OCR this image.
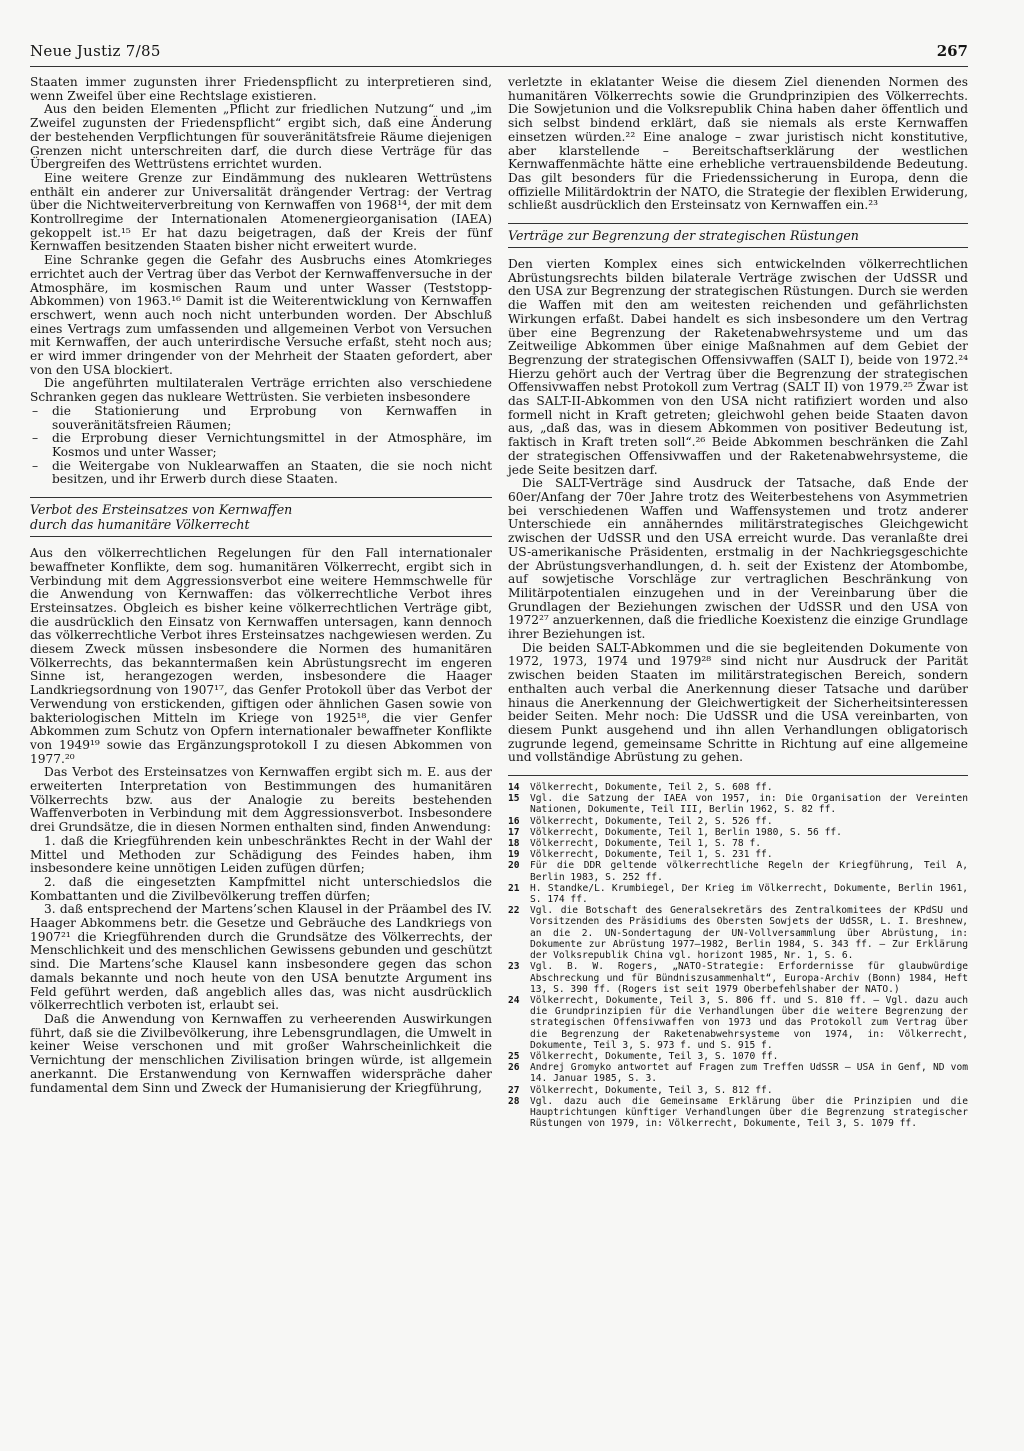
Neue Justiz 7/85	267

Staaten immer zugunsten ihrer Friedenspflicht zu interpretieren sind, wenn Zweifel über eine Rechtslage existieren.

Aus den beiden Elementen „Pflicht zur friedlichen Nutzung“ und „im Zweifel zugunsten der Friedenspflicht“ ergibt sich, daß eine Änderung der bestehenden Verpflichtungen für souveränitätsfreie Räume diejenigen Grenzen nicht unterschreiten darf, die durch diese Verträge für das Übergreifen des Wettrüstens errichtet wurden.

Eine weitere Grenze zur Eindämmung des nuklearen Wettrüstens enthält ein anderer zur Universalität drängender Vertrag: der Vertrag über die Nichtweiterverbreitung von Kernwaffen von 1968¹⁴, der mit dem Kontrollregime der Internationalen Atomenergieorganisation (IAEA) gekoppelt ist.¹⁵ Er hat dazu beigetragen, daß der Kreis der fünf Kernwaffen besitzenden Staaten bisher nicht erweitert wurde.

Eine Schranke gegen die Gefahr des Ausbruchs eines Atomkrieges errichtet auch der Vertrag über das Verbot der Kernwaffenversuche in der Atmosphäre, im kosmischen Raum und unter Wasser (Teststopp-Abkommen) von 1963.¹⁶ Damit ist die Weiterentwicklung von Kernwaffen erschwert, wenn auch noch nicht unterbunden worden. Der Abschluß eines Vertrags zum umfassenden und allgemeinen Verbot von Versuchen mit Kernwaffen, der auch unterirdische Versuche erfaßt, steht noch aus; er wird immer dringender von der Mehrheit der Staaten gefordert, aber von den USA blockiert.

Die angeführten multilateralen Verträge errichten also verschiedene Schranken gegen das nukleare Wettrüsten. Sie verbieten insbesondere

– die Stationierung und Erprobung von Kernwaffen in souveränitätsfreien Räumen;
– die Erprobung dieser Vernichtungsmittel in der Atmosphäre, im Kosmos und unter Wasser;
– die Weitergabe von Nuklearwaffen an Staaten, die sie noch nicht besitzen, und ihr Erwerb durch diese Staaten.
Verbot des Ersteinsatzes von Kernwaffen
durch das humanitäre Völkerrecht

Aus den völkerrechtlichen Regelungen für den Fall internationaler bewaffneter Konflikte, dem sog. humanitären Völkerrecht, ergibt sich in Verbindung mit dem Aggressionsverbot eine weitere Hemmschwelle für die Anwendung von Kernwaffen: das völkerrechtliche Verbot ihres Ersteinsatzes. Obgleich es bisher keine völkerrechtlichen Verträge gibt, die ausdrücklich den Einsatz von Kernwaffen untersagen, kann dennoch das völkerrechtliche Verbot ihres Ersteinsatzes nachgewiesen werden. Zu diesem Zweck müssen insbesondere die Normen des humanitären Völkerrechts, das bekanntermaßen kein Abrüstungsrecht im engeren Sinne ist, herangezogen werden, insbesondere die Haager Landkriegsordnung von 1907¹⁷, das Genfer Protokoll über das Verbot der Verwendung von erstickenden, giftigen oder ähnlichen Gasen sowie von bakteriologischen Mitteln im Kriege von 1925¹⁸, die vier Genfer Abkommen zum Schutz von Opfern internationaler bewaffneter Konflikte von 1949¹⁹ sowie das Ergänzungsprotokoll I zu diesen Abkommen von 1977.²⁰

Das Verbot des Ersteinsatzes von Kernwaffen ergibt sich m. E. aus der erweiterten Interpretation von Bestimmungen des humanitären Völkerrechts bzw. aus der Analogie zu bereits bestehenden Waffenverboten in Verbindung mit dem Aggressionsverbot. Insbesondere drei Grundsätze, die in diesen Normen enthalten sind, finden Anwendung:

1. daß die Kriegführenden kein unbeschränktes Recht in der Wahl der Mittel und Methoden zur Schädigung des Feindes haben, ihm insbesondere keine unnötigen Leiden zufügen dürfen;

2. daß die eingesetzten Kampfmittel nicht unterschiedslos die Kombattanten und die Zivilbevölkerung treffen dürfen;

3. daß entsprechend der Martens’schen Klausel in der Präambel des IV. Haager Abkommens betr. die Gesetze und Gebräuche des Landkriegs von 1907²¹ die Kriegführenden durch die Grundsätze des Völkerrechts, der Menschlichkeit und des menschlichen Gewissens gebunden und geschützt sind. Die Martens’sche Klausel kann insbesondere gegen das schon damals bekannte und noch heute von den USA benutzte Argument ins Feld geführt werden, daß angeblich alles das, was nicht ausdrücklich völkerrechtlich verboten ist, erlaubt sei.

Daß die Anwendung von Kernwaffen zu verheerenden Auswirkungen führt, daß sie die Zivilbevölkerung, ihre Lebensgrundlagen, die Umwelt in keiner Weise verschonen und mit großer Wahrscheinlichkeit die Vernichtung der menschlichen Zivilisation bringen würde, ist allgemein anerkannt. Die Erstanwendung von Kernwaffen widerspräche daher fundamental dem Sinn und Zweck der Humanisierung der Kriegführung,

verletzte in eklatanter Weise die diesem Ziel dienenden Normen des humanitären Völkerrechts sowie die Grundprinzipien des Völkerrechts. Die Sowjetunion und die Volksrepublik China haben daher öffentlich und sich selbst bindend erklärt, daß sie niemals als erste Kernwaffen einsetzen würden.²² Eine analoge – zwar juristisch nicht konstitutive, aber klarstellende – Bereitschaftserklärung der westlichen Kernwaffenmächte hätte eine erhebliche vertrauensbildende Bedeutung. Das gilt besonders für die Friedenssicherung in Europa, denn die offizielle Militärdoktrin der NATO, die Strategie der flexiblen Erwiderung, schließt ausdrücklich den Ersteinsatz von Kernwaffen ein.²³

Verträge zur Begrenzung der strategischen Rüstungen

Den vierten Komplex eines sich entwickelnden völkerrechtlichen Abrüstungsrechts bilden bilaterale Verträge zwischen der UdSSR und den USA zur Begrenzung der strategischen Rüstungen. Durch sie werden die Waffen mit den am weitesten reichenden und gefährlichsten Wirkungen erfaßt. Dabei handelt es sich insbesondere um den Vertrag über eine Begrenzung der Raketenabwehrsysteme und um das Zeitweilige Abkommen über einige Maßnahmen auf dem Gebiet der Begrenzung der strategischen Offensivwaffen (SALT I), beide von 1972.²⁴ Hierzu gehört auch der Vertrag über die Begrenzung der strategischen Offensivwaffen nebst Protokoll zum Vertrag (SALT II) von 1979.²⁵ Zwar ist das SALT-II-Abkommen von den USA nicht ratifiziert worden und also formell nicht in Kraft getreten; gleichwohl gehen beide Staaten davon aus, „daß das, was in diesem Abkommen von positiver Bedeutung ist, faktisch in Kraft treten soll“.²⁶ Beide Abkommen beschränken die Zahl der strategischen Offensivwaffen und der Raketenabwehrsysteme, die jede Seite besitzen darf.

Die SALT-Verträge sind Ausdruck der Tatsache, daß Ende der 60er/Anfang der 70er Jahre trotz des Weiterbestehens von Asymmetrien bei verschiedenen Waffen und Waffensystemen und trotz anderer Unterschiede ein annäherndes militärstrategisches Gleichgewicht zwischen der UdSSR und den USA erreicht wurde. Das veranlaßte drei US-amerikanische Präsidenten, erstmalig in der Nachkriegsgeschichte der Abrüstungsverhandlungen, d. h. seit der Existenz der Atombombe, auf sowjetische Vorschläge zur vertraglichen Beschränkung von Militärpotentialen einzugehen und in der Vereinbarung über die Grundlagen der Beziehungen zwischen der UdSSR und den USA von 1972²⁷ anzuerkennen, daß die friedliche Koexistenz die einzige Grundlage ihrer Beziehungen ist.

Die beiden SALT-Abkommen und die sie begleitenden Dokumente von 1972, 1973, 1974 und 1979²⁸ sind nicht nur Ausdruck der Parität zwischen beiden Staaten im militärstrategischen Bereich, sondern enthalten auch verbal die Anerkennung dieser Tatsache und darüber hinaus die Anerkennung der Gleichwertigkeit der Sicherheitsinteressen beider Seiten. Mehr noch: Die UdSSR und die USA vereinbarten, von diesem Punkt ausgehend und ihn allen Verhandlungen obligatorisch zugrunde legend, gemeinsame Schritte in Richtung auf eine allgemeine und vollständige Abrüstung zu gehen.

14	Völkerrecht, Dokumente, Teil 2, S. 608 ff.
15	Vgl. die Satzung der IAEA von 1957, in: Die Organisation der Vereinten Nationen, Dokumente, Teil III, Berlin 1962, S. 82 ff.
16	Völkerrecht, Dokumente, Teil 2, S. 526 ff.
17	Völkerrecht, Dokumente, Teil 1, Berlin 1980, S. 56 ff.
18	Völkerrecht, Dokumente, Teil 1, S. 78 f.
19	Völkerrecht, Dokumente, Teil 1, S. 231 ff.
20	Für die DDR geltende völkerrechtliche Regeln der Kriegführung, Teil A, Berlin 1983, S. 252 ff.
21	H. Standke/L. Krumbiegel, Der Krieg im Völkerrecht, Dokumente, Berlin 1961, S. 174 ff.
22	Vgl. die Botschaft des Generalsekretärs des Zentralkomitees der KPdSU und Vorsitzenden des Präsidiums des Obersten Sowjets der UdSSR, L. I. Breshnew, an die 2. UN-Sondertagung der UN-Vollversammlung über Abrüstung, in: Dokumente zur Abrüstung 1977–1982, Berlin 1984, S. 343 ff. – Zur Erklärung der Volksrepublik China vgl. horizont 1985, Nr. 1, S. 6.
23	Vgl. B. W. Rogers, „NATO-Strategie: Erfordernisse für glaubwürdige Abschreckung und für Bündniszusammenhalt“, Europa-Archiv (Bonn) 1984, Heft 13, S. 390 ff. (Rogers ist seit 1979 Oberbefehlshaber der NATO.)
24	Völkerrecht, Dokumente, Teil 3, S. 806 ff. und S. 810 ff. – Vgl. dazu auch die Grundprinzipien für die Verhandlungen über die weitere Begrenzung der strategischen Offensivwaffen von 1973 und das Protokoll zum Vertrag über die Begrenzung der Raketenabwehrsysteme von 1974, in: Völkerrecht, Dokumente, Teil 3, S. 973 f. und S. 915 f.
25	Völkerrecht, Dokumente, Teil 3, S. 1070 ff.
26	Andrej Gromyko antwortet auf Fragen zum Treffen UdSSR – USA in Genf, ND vom 14. Januar 1985, S. 3.
27	Völkerrecht, Dokumente, Teil 3, S. 812 ff.
28	Vgl. dazu auch die Gemeinsame Erklärung über die Prinzipien und die Hauptrichtungen künftiger Verhandlungen über die Begrenzung strategischer Rüstungen von 1979, in: Völkerrecht, Dokumente, Teil 3, S. 1079 ff.
